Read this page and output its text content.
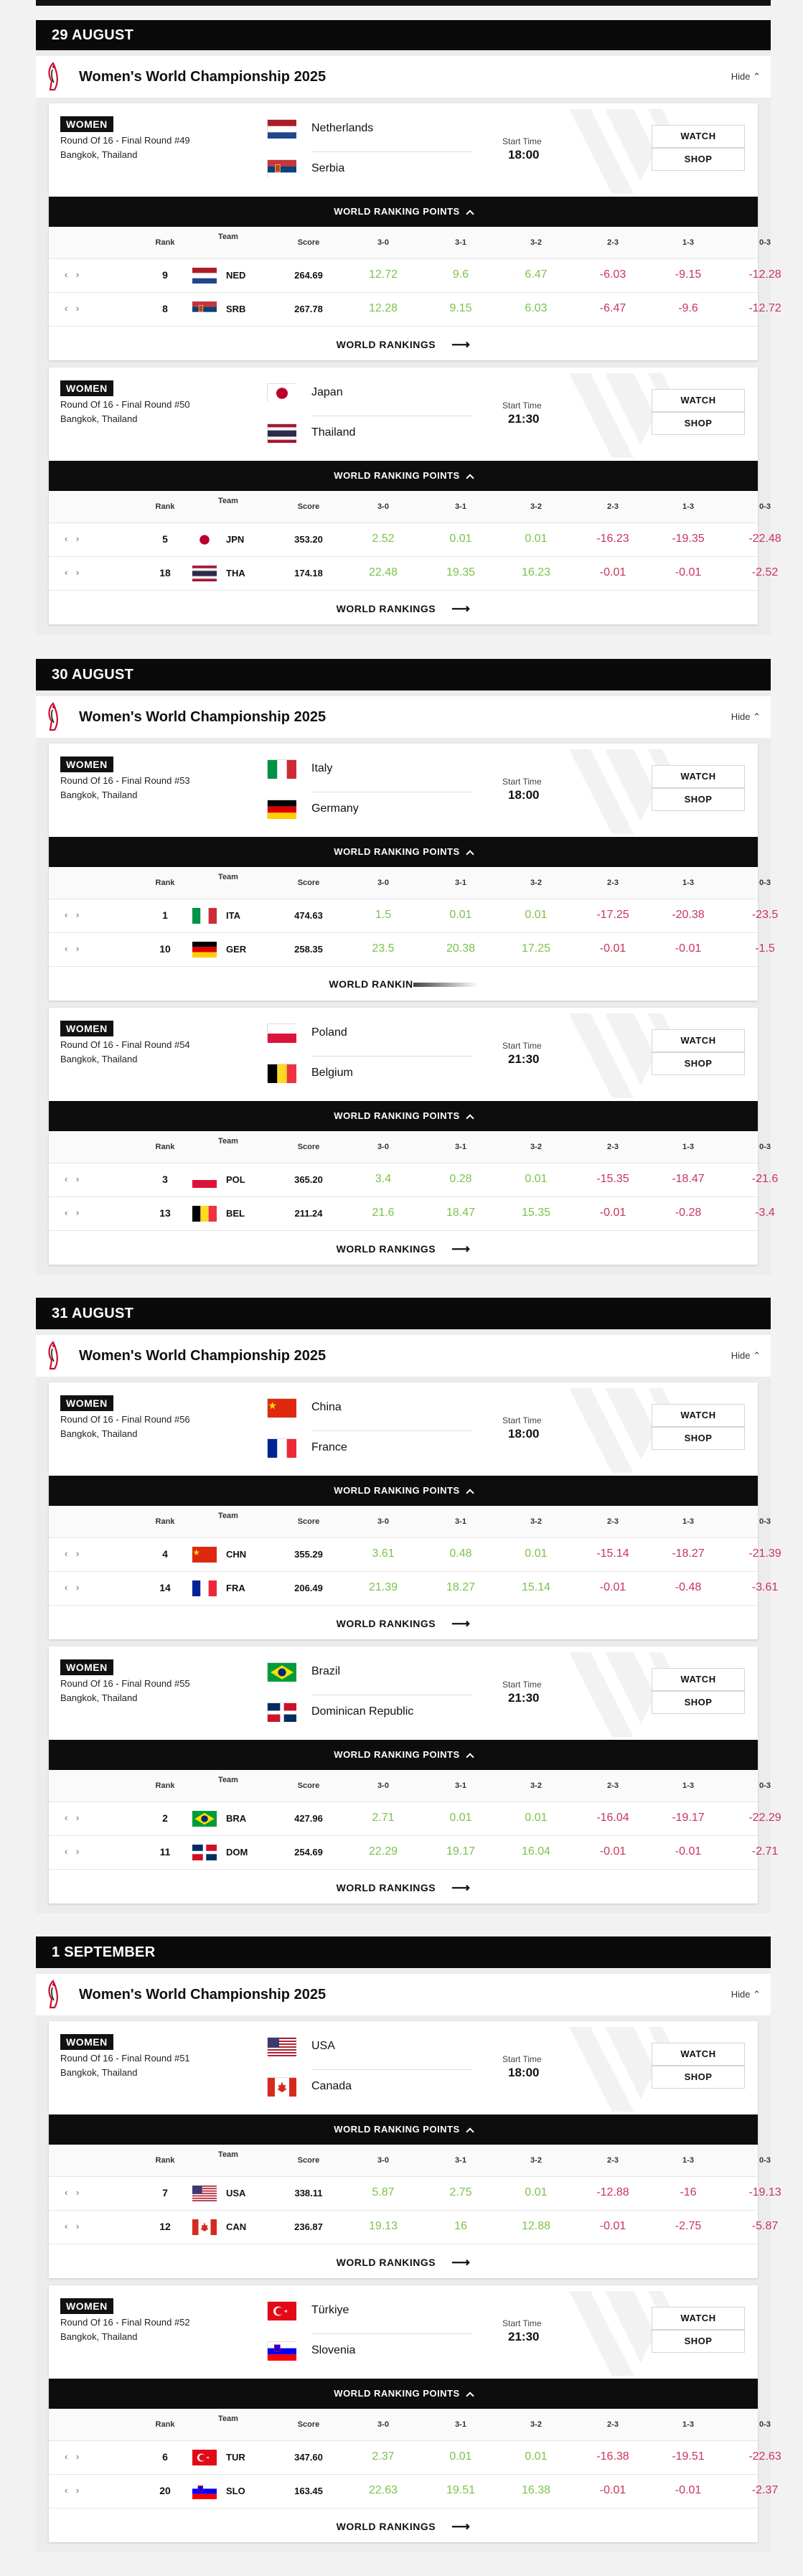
29 AUGUST
Women's World Championship 2025	Hide ⌃
WOMEN
Round Of 16 - Final Round #49
Bangkok, Thailand
Netherlands
Serbia
Start Time
18:00
WATCH
SHOP
WORLD RANKING POINTS
Rank
Team
Score	3-0	3-1	3-2	2-3	1-3	0-3
‹ ›	9	NED	264.69	12.72	9.6	6.47	-6.03	-9.15	-12.28
‹ ›	8	SRB	267.78	12.28	9.15	6.03	-6.47	-9.6	-12.72
WORLD RANKINGS ⟶
WOMEN
Round Of 16 - Final Round #50
Bangkok, Thailand
Japan
Thailand
Start Time
21:30
WATCH
SHOP
WORLD RANKING POINTS
Rank
Team
Score	3-0	3-1	3-2	2-3	1-3	0-3
‹ ›	5	JPN	353.20	2.52	0.01	0.01	-16.23	-19.35	-22.48
‹ ›	18	THA	174.18	22.48	19.35	16.23	-0.01	-0.01	-2.52
WORLD RANKINGS ⟶
30 AUGUST
Women's World Championship 2025	Hide ⌃
WOMEN
Round Of 16 - Final Round #53
Bangkok, Thailand
Italy
Germany
Start Time
18:00
WATCH
SHOP
WORLD RANKING POINTS
Rank
Team
Score	3-0	3-1	3-2	2-3	1-3	0-3
‹ ›	1	ITA	474.63	1.5	0.01	0.01	-17.25	-20.38	-23.5
‹ ›	10	GER	258.35	23.5	20.38	17.25	-0.01	-0.01	-1.5
WORLD RANKIN
WOMEN
Round Of 16 - Final Round #54
Bangkok, Thailand
Poland
Belgium
Start Time
21:30
WATCH
SHOP
WORLD RANKING POINTS
Rank
Team
Score	3-0	3-1	3-2	2-3	1-3	0-3
‹ ›	3	POL	365.20	3.4	0.28	0.01	-15.35	-18.47	-21.6
‹ ›	13	BEL	211.24	21.6	18.47	15.35	-0.01	-0.28	-3.4
WORLD RANKINGS ⟶
31 AUGUST
Women's World Championship 2025	Hide ⌃
WOMEN
Round Of 16 - Final Round #56
Bangkok, Thailand
China
France
Start Time
18:00
WATCH
SHOP
WORLD RANKING POINTS
Rank
Team
Score	3-0	3-1	3-2	2-3	1-3	0-3
‹ ›	4	CHN	355.29	3.61	0.48	0.01	-15.14	-18.27	-21.39
‹ ›	14	FRA	206.49	21.39	18.27	15.14	-0.01	-0.48	-3.61
WORLD RANKINGS ⟶
WOMEN
Round Of 16 - Final Round #55
Bangkok, Thailand
Brazil
Dominican Republic
Start Time
21:30
WATCH
SHOP
WORLD RANKING POINTS
Rank
Team
Score	3-0	3-1	3-2	2-3	1-3	0-3
‹ ›	2	BRA	427.96	2.71	0.01	0.01	-16.04	-19.17	-22.29
‹ ›	11	DOM	254.69	22.29	19.17	16.04	-0.01	-0.01	-2.71
WORLD RANKINGS ⟶
1 SEPTEMBER
Women's World Championship 2025	Hide ⌃
WOMEN
Round Of 16 - Final Round #51
Bangkok, Thailand
USA
Canada
Start Time
18:00
WATCH
SHOP
WORLD RANKING POINTS
Rank
Team
Score	3-0	3-1	3-2	2-3	1-3	0-3
‹ ›	7	USA	338.11	5.87	2.75	0.01	-12.88	-16	-19.13
‹ ›	12	CAN	236.87	19.13	16	12.88	-0.01	-2.75	-5.87
WORLD RANKINGS ⟶
WOMEN
Round Of 16 - Final Round #52
Bangkok, Thailand
Türkiye
Slovenia
Start Time
21:30
WATCH
SHOP
WORLD RANKING POINTS
Rank
Team
Score	3-0	3-1	3-2	2-3	1-3	0-3
‹ ›	6	TUR	347.60	2.37	0.01	0.01	-16.38	-19.51	-22.63
‹ ›	20	SLO	163.45	22.63	19.51	16.38	-0.01	-0.01	-2.37
WORLD RANKINGS ⟶
